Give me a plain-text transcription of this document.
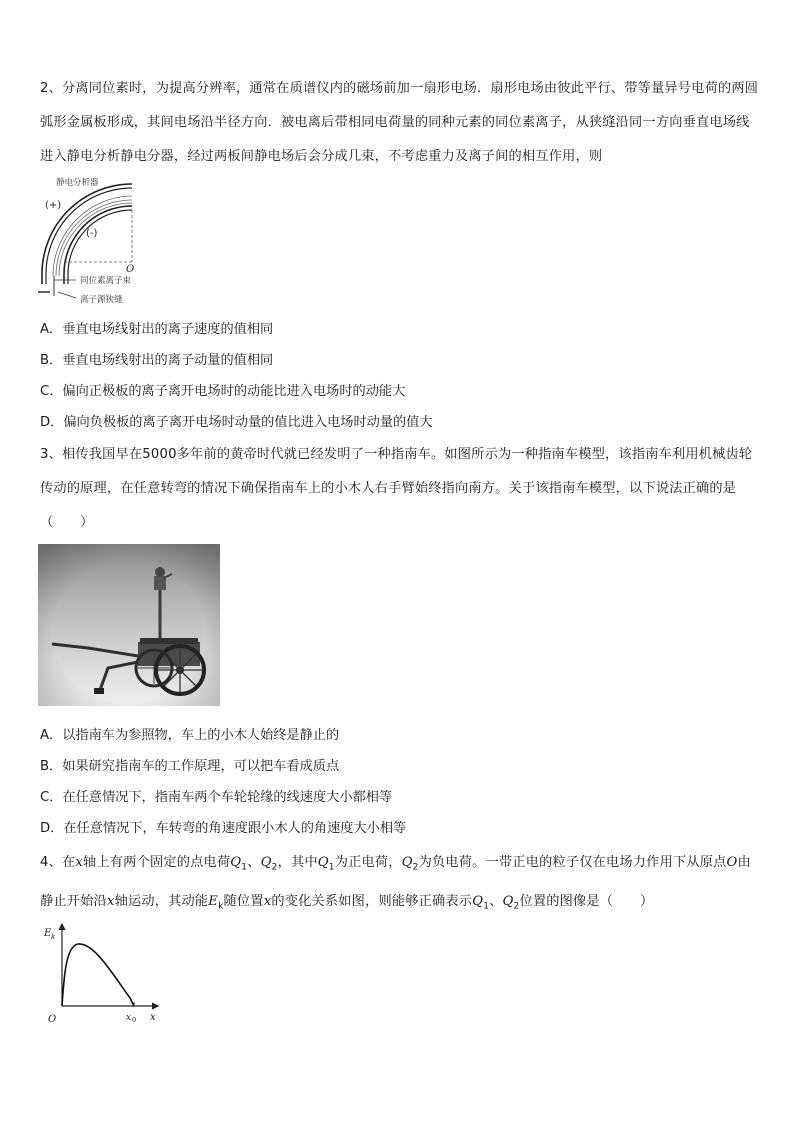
2、分离同位素时，为提高分辨率，通常在质谱仪内的磁场前加一扇形电场．扇形电场由彼此平行、带等量异号电荷的两圆弧形金属板形成，其间电场沿半径方向．被电离后带相同电荷量的同种元素的同位素离子，从狭缝沿同一方向垂直电场线进入静电分析静电分器，经过两板间静电场后会分成几束，不考虑重力及离子间的相互作用，则

静电分析器
(+)
(-)
O
同位素离子束
离子源狭缝

A．垂直电场线射出的离子速度的值相同

B．垂直电场线射出的离子动量的值相同

C．偏向正极板的离子离开电场时的动能比进入电场时的动能大

D．偏向负极板的离子离开电场时动量的值比进入电场时动量的值大

3、相传我国早在5000多年前的黄帝时代就已经发明了一种指南车。如图所示为一种指南车模型，该指南车利用机械齿轮传动的原理，在任意转弯的情况下确保指南车上的小木人右手臂始终指向南方。关于该指南车模型，以下说法正确的是（　　）

A．以指南车为参照物，车上的小木人始终是静止的

B．如果研究指南车的工作原理，可以把车看成质点

C．在任意情况下，指南车两个车轮轮缘的线速度大小都相等

D．在任意情况下，车转弯的角速度跟小木人的角速度大小相等

4、在x轴上有两个固定的点电荷$Q_1$、$Q_2$，其中$Q_1$为正电荷，$Q_2$为负电荷。一带正电的粒子仅在电场力作用下从原点O由静止开始沿x轴运动，其动能$E_k$随位置x的变化关系如图，则能够正确表示$Q_1$、$Q_2$位置的图像是（　　）

E k
O	x 0 x
